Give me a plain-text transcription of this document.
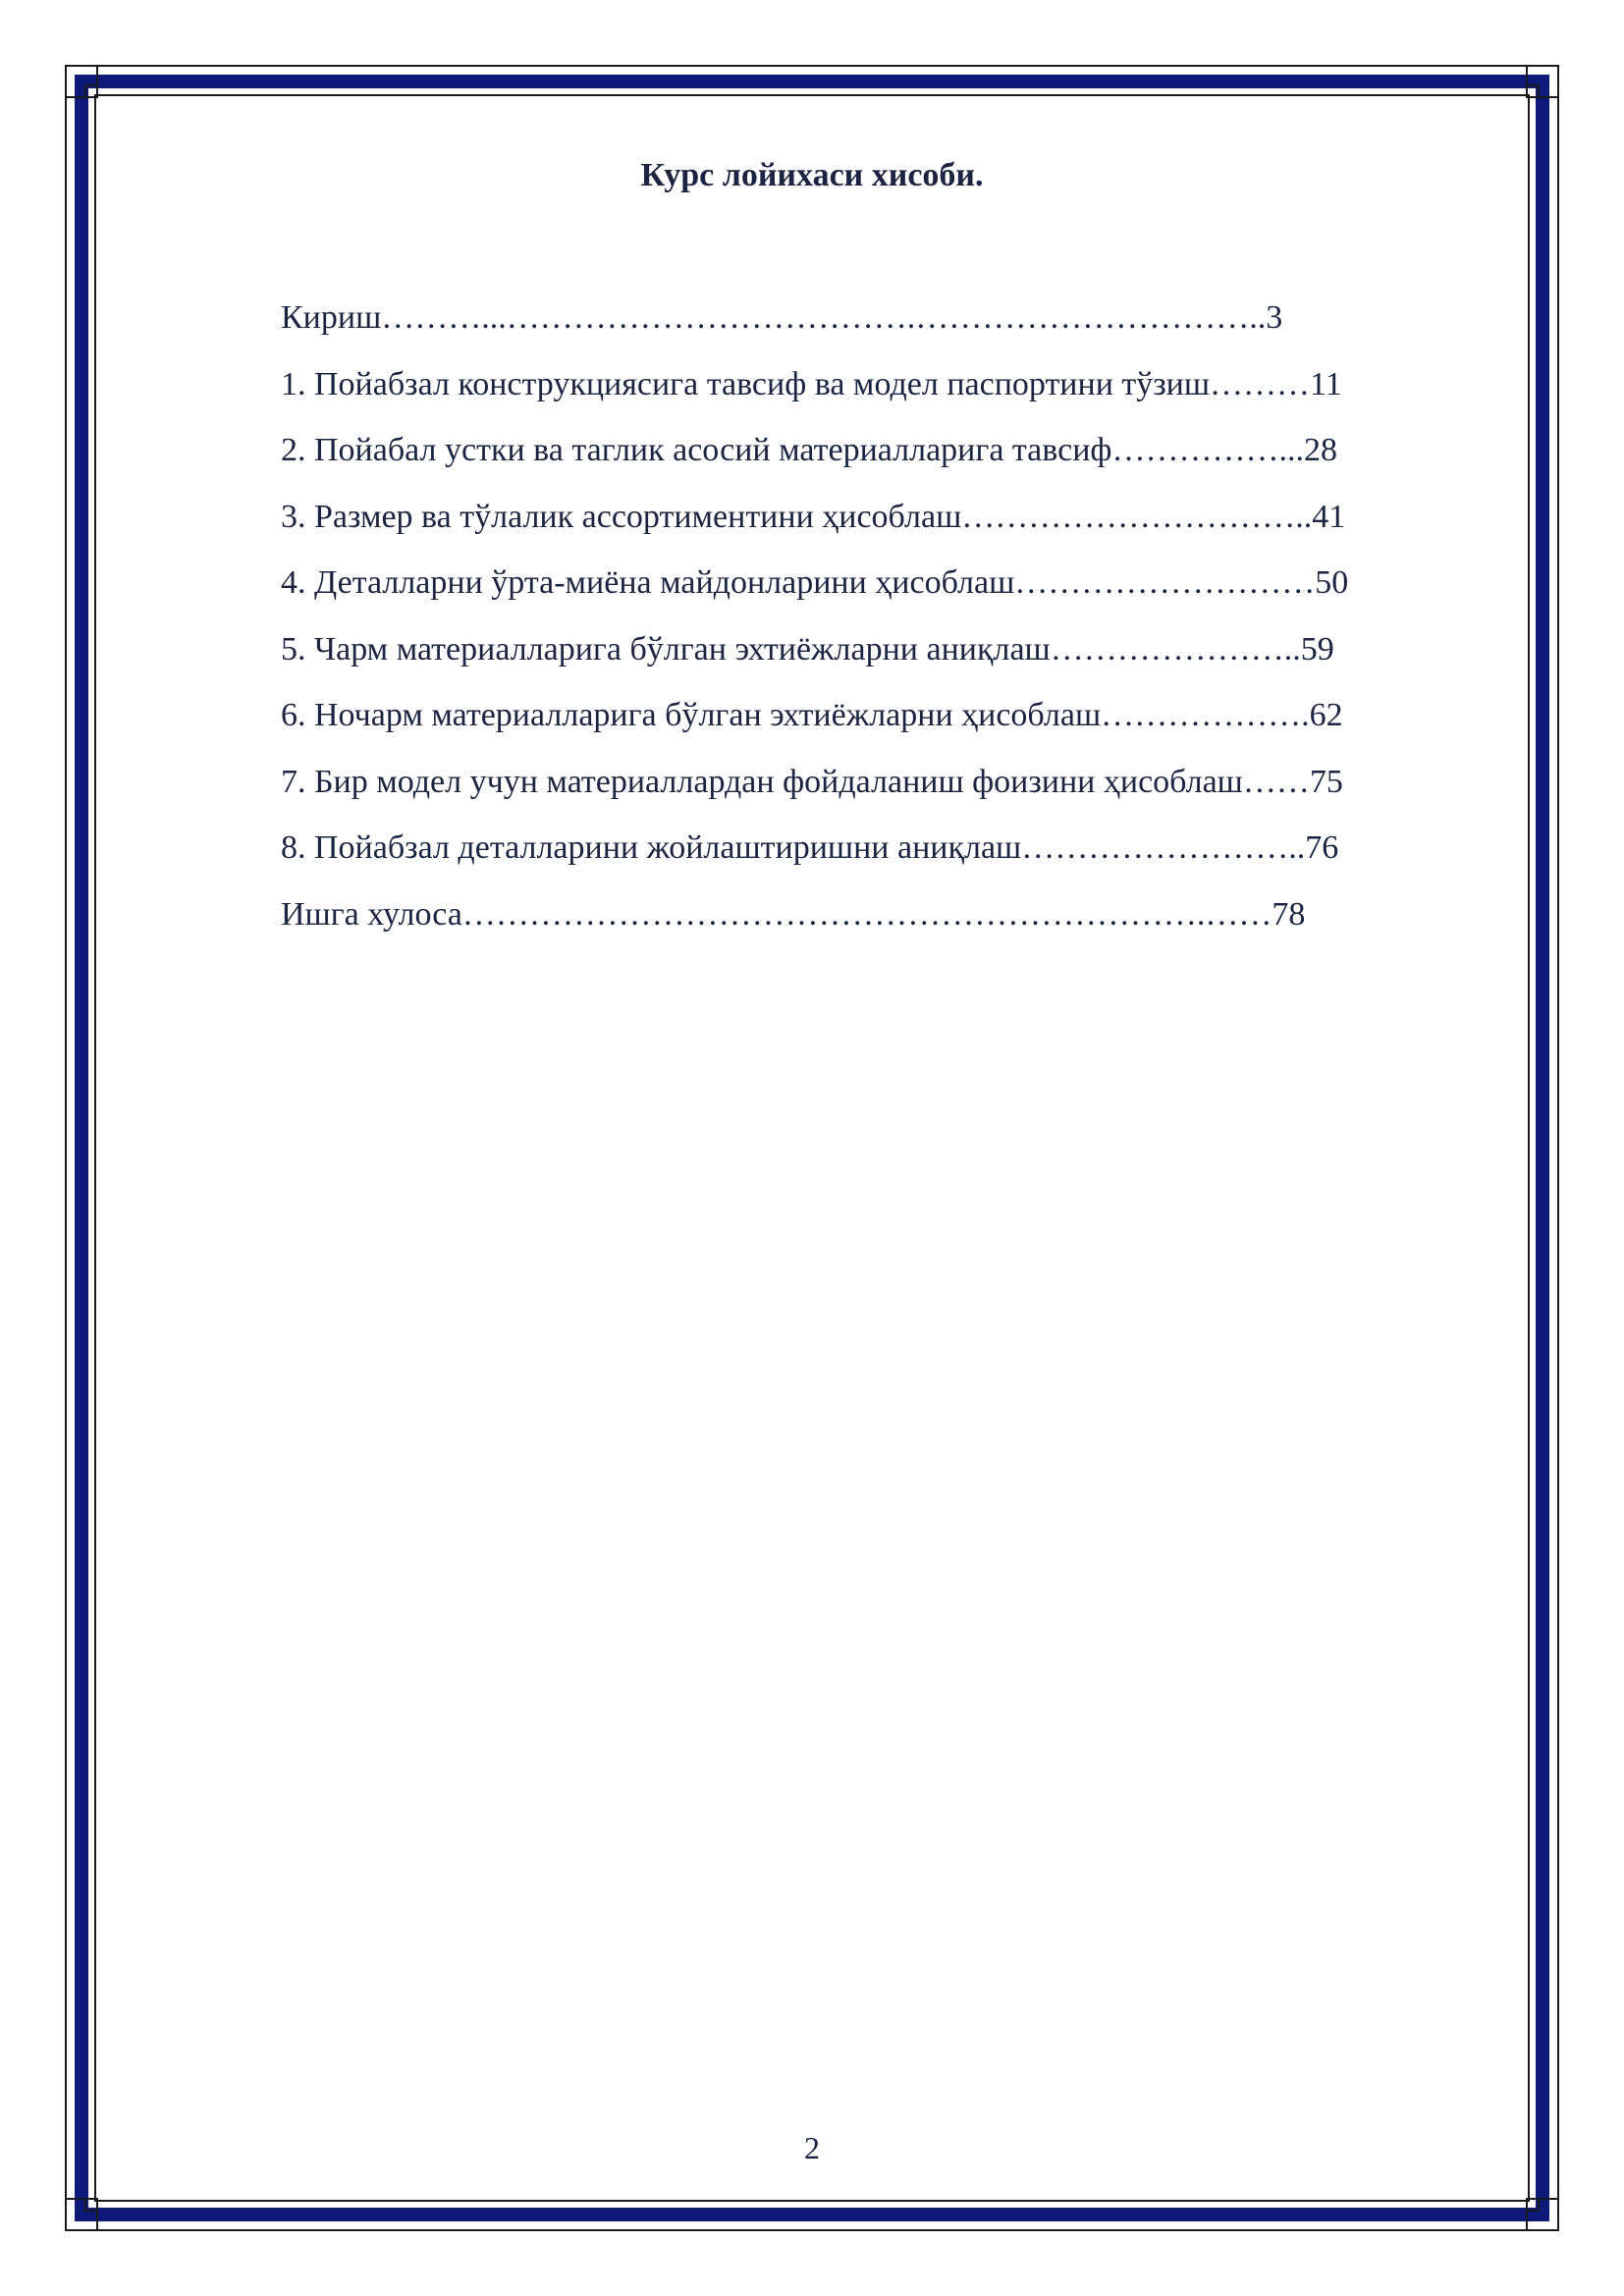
Курс лойихаси хисоби.
Кириш………...……………………………….…………………………..3
1. Пойабзал конструкциясига тавсиф ва модел паспортини тўзиш………11
2. Пойабал устки ва таглик асосий материалларига тавсиф……………...28
3. Размер ва тўлалик ассортиментини ҳисоблаш…………………………..41
4. Деталларни ўрта-миёна майдонларини ҳисоблаш………………………50
5. Чарм материалларига бўлган эхтиёжларни аниқлаш…………………..59
6. Ночарм материалларига бўлган эхтиёжларни ҳисоблаш……………….62
7. Бир модел учун материаллардан фойдаланиш фоизини ҳисоблаш……75
8. Пойабзал деталларини жойлаштиришни аниқлаш……………………..76
Ишга хулоса………………………………………………………….……78
2
